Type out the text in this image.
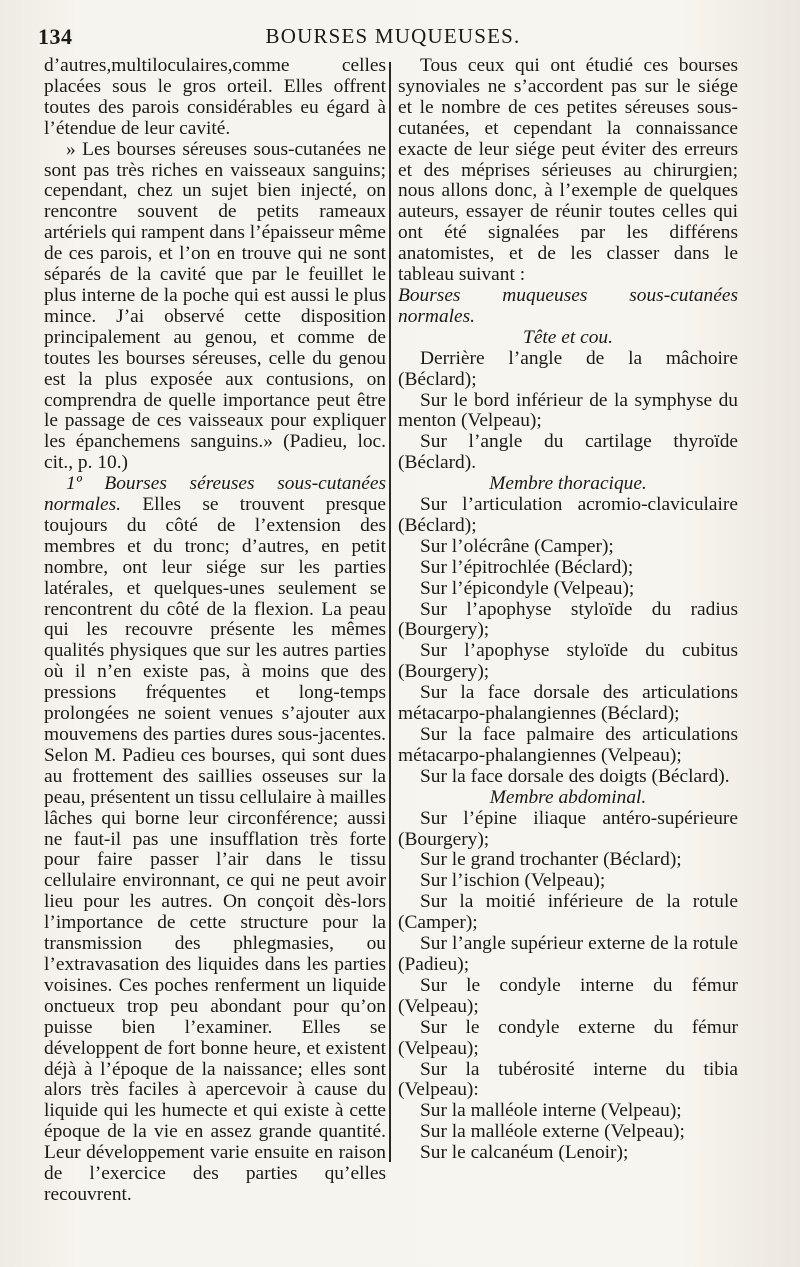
134	BOURSES MUQUEUSES.

d’autres,multiloculaires,comme celles placées sous le gros orteil. Elles offrent toutes des parois considérables eu égard à l’étendue de leur cavité.

» Les bourses séreuses sous-cutanées ne sont pas très riches en vaisseaux sanguins; cependant, chez un sujet bien injecté, on rencontre souvent de petits rameaux artériels qui rampent dans l’épaisseur même de ces parois, et l’on en trouve qui ne sont séparés de la cavité que par le feuillet le plus interne de la poche qui est aussi le plus mince. J’ai observé cette disposition principalement au genou, et comme de toutes les bourses séreuses, celle du genou est la plus exposée aux contusions, on comprendra de quelle importance peut être le passage de ces vaisseaux pour expliquer les épanchemens sanguins.» (Padieu, loc. cit., p. 10.)

1º Bourses séreuses sous-cutanées normales. Elles se trouvent presque toujours du côté de l’extension des membres et du tronc; d’autres, en petit nombre, ont leur siége sur les parties latérales, et quelques-unes seulement se rencontrent du côté de la flexion. La peau qui les recouvre présente les mêmes qualités physiques que sur les autres parties où il n’en existe pas, à moins que des pressions fréquentes et long-temps prolongées ne soient venues s’ajouter aux mouvemens des parties dures sous-jacentes. Selon M. Padieu ces bourses, qui sont dues au frottement des saillies osseuses sur la peau, présentent un tissu cellulaire à mailles lâches qui borne leur circonférence; aussi ne faut-il pas une insufflation très forte pour faire passer l’air dans le tissu cellulaire environnant, ce qui ne peut avoir lieu pour les autres. On conçoit dès-lors l’importance de cette structure pour la transmission des phlegmasies, ou l’extravasation des liquides dans les parties voisines. Ces poches renferment un liquide onctueux trop peu abondant pour qu’on puisse bien l’examiner. Elles se développent de fort bonne heure, et existent déjà à l’époque de la naissance; elles sont alors très faciles à apercevoir à cause du liquide qui les humecte et qui existe à cette époque de la vie en assez grande quantité. Leur développement varie ensuite en raison de l’exercice des parties qu’elles recouvrent.

Tous ceux qui ont étudié ces bourses synoviales ne s’accordent pas sur le siége et le nombre de ces petites séreuses sous-cutanées, et cependant la connaissance exacte de leur siége peut éviter des erreurs et des méprises sérieuses au chirurgien; nous allons donc, à l’exemple de quelques auteurs, essayer de réunir toutes celles qui ont été signalées par les différens anatomistes, et de les classer dans le tableau suivant :

Bourses muqueuses sous-cutanées normales.

Tête et cou.

Derrière l’angle de la mâchoire (Béclard);

Sur le bord inférieur de la symphyse du menton (Velpeau);

Sur l’angle du cartilage thyroïde (Béclard).

Membre thoracique.

Sur l’articulation acromio-claviculaire (Béclard);

Sur l’olécrâne (Camper);

Sur l’épitrochlée (Béclard);

Sur l’épicondyle (Velpeau);

Sur l’apophyse styloïde du radius (Bourgery);

Sur l’apophyse styloïde du cubitus (Bourgery);

Sur la face dorsale des articulations métacarpo-phalangiennes (Béclard);

Sur la face palmaire des articulations métacarpo-phalangiennes (Velpeau);

Sur la face dorsale des doigts (Béclard).

Membre abdominal.

Sur l’épine iliaque antéro-supérieure (Bourgery);

Sur le grand trochanter (Béclard);

Sur l’ischion (Velpeau);

Sur la moitié inférieure de la rotule (Camper);

Sur l’angle supérieur externe de la rotule (Padieu);

Sur le condyle interne du fémur (Velpeau);

Sur le condyle externe du fémur (Velpeau);

Sur la tubérosité interne du tibia (Velpeau):

Sur la malléole interne (Velpeau);

Sur la malléole externe (Velpeau);

Sur le calcanéum (Lenoir);
